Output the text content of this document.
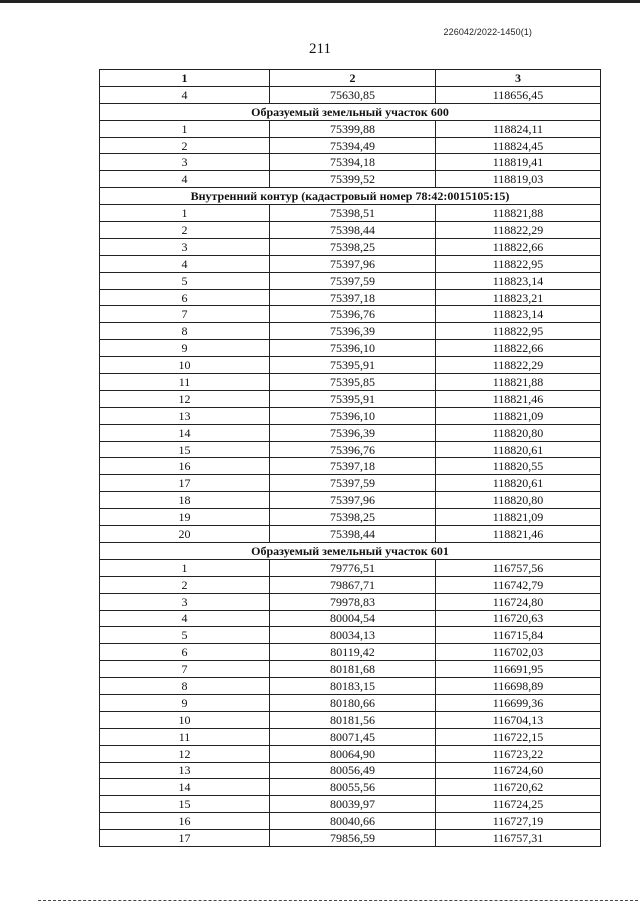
226042/2022-1450(1)
211
1	2	3
4	75630,85	118656,45
Образуемый земельный участок 600		
1	75399,88	118824,11
2	75394,49	118824,45
3	75394,18	118819,41
4	75399,52	118819,03
Внутренний контур (кадастровый номер 78:42:0015105:15)		
1	75398,51	118821,88
2	75398,44	118822,29
3	75398,25	118822,66
4	75397,96	118822,95
5	75397,59	118823,14
6	75397,18	118823,21
7	75396,76	118823,14
8	75396,39	118822,95
9	75396,10	118822,66
10	75395,91	118822,29
11	75395,85	118821,88
12	75395,91	118821,46
13	75396,10	118821,09
14	75396,39	118820,80
15	75396,76	118820,61
16	75397,18	118820,55
17	75397,59	118820,61
18	75397,96	118820,80
19	75398,25	118821,09
20	75398,44	118821,46
Образуемый земельный участок 601		
1	79776,51	116757,56
2	79867,71	116742,79
3	79978,83	116724,80
4	80004,54	116720,63
5	80034,13	116715,84
6	80119,42	116702,03
7	80181,68	116691,95
8	80183,15	116698,89
9	80180,66	116699,36
10	80181,56	116704,13
11	80071,45	116722,15
12	80064,90	116723,22
13	80056,49	116724,60
14	80055,56	116720,62
15	80039,97	116724,25
16	80040,66	116727,19
17	79856,59	116757,31
